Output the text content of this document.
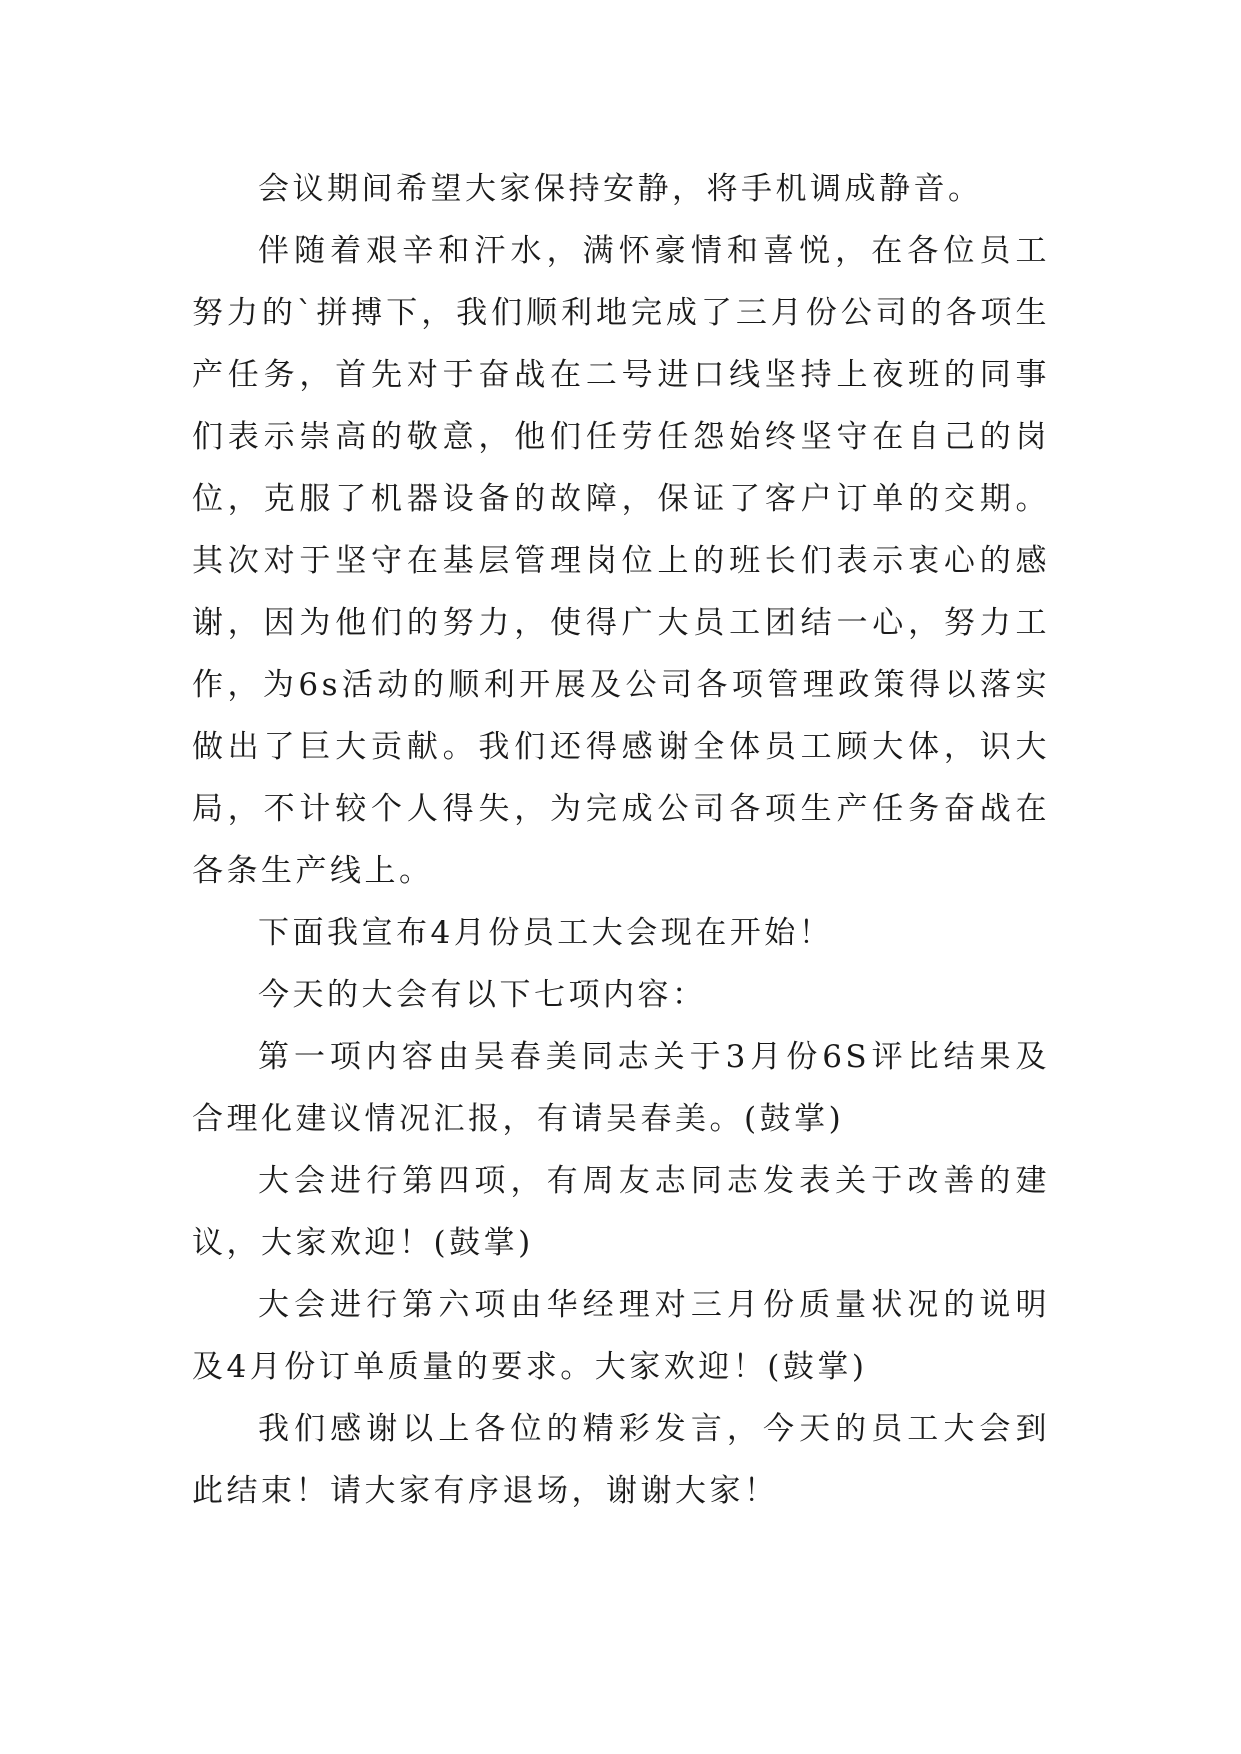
会议期间希望大家保持安静，将手机调成静音。

伴随着艰辛和汗水，满怀豪情和喜悦，在各位员工努力的`拼搏下，我们顺利地完成了三月份公司的各项生产任务，首先对于奋战在二号进口线坚持上夜班的同事们表示崇高的敬意，他们任劳任怨始终坚守在自己的岗位，克服了机器设备的故障，保证了客户订单的交期。其次对于坚守在基层管理岗位上的班长们表示衷心的感谢，因为他们的努力，使得广大员工团结一心，努力工作，为6s活动的顺利开展及公司各项管理政策得以落实做出了巨大贡献。我们还得感谢全体员工顾大体，识大局，不计较个人得失，为完成公司各项生产任务奋战在各条生产线上。

下面我宣布4月份员工大会现在开始！

今天的大会有以下七项内容：

第一项内容由吴春美同志关于3月份6S评比结果及合理化建议情况汇报，有请吴春美。(鼓掌)

大会进行第四项，有周友志同志发表关于改善的建议，大家欢迎！(鼓掌)

大会进行第六项由华经理对三月份质量状况的说明及4月份订单质量的要求。大家欢迎！(鼓掌)

我们感谢以上各位的精彩发言，今天的员工大会到此结束！请大家有序退场，谢谢大家！
